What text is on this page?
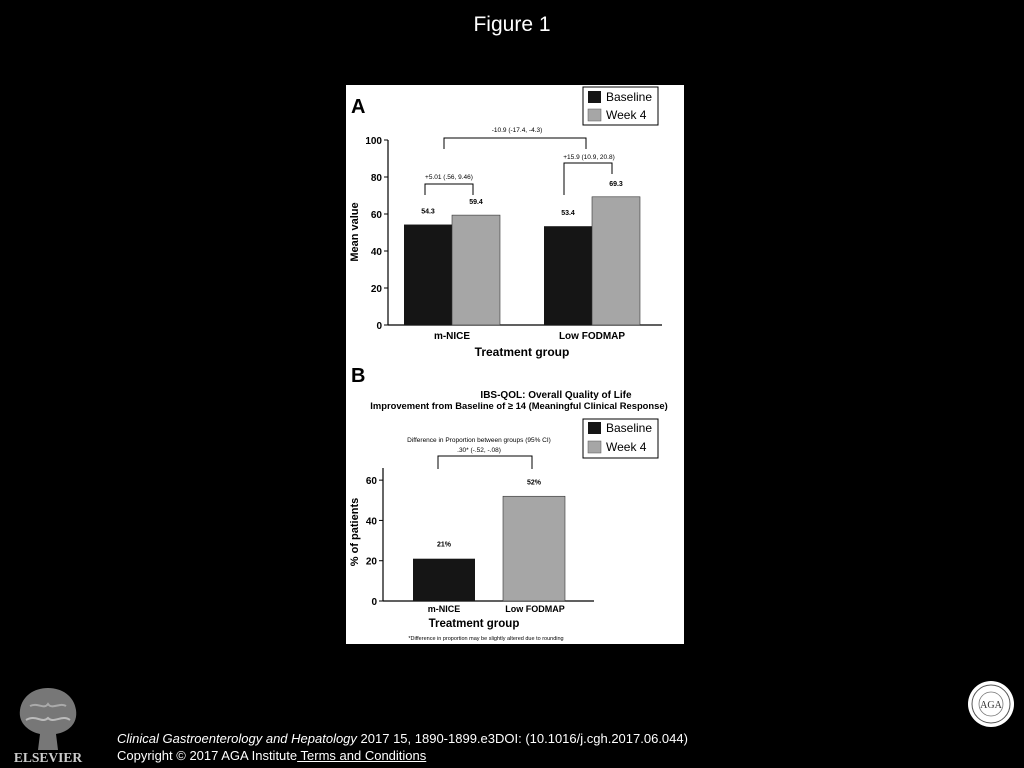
Figure 1
A	Baseline
Week 4
Mean value
0
20
40
60
80
100
54.3
59.4
53.4
69.3
m-NICE	Low FODMAP
Treatment group
-10.9 (-17.4, -4.3)
+5.01 (.56, 9.46)
+15.9 (10.9, 20.8)
B
IBS-QOL: Overall Quality of Life
Improvement from Baseline of ≥ 14 (Meaningful Clinical Response)
Baseline
Week 4
Difference in Proportion between groups (95% CI)
.30* (-.52, -.08)
% of patients
0
20
40
60
21%
52%
m-NICE	Low FODMAP
Treatment group
*Difference in proportion may be slightly altered due to rounding
ELSEVIER
AGA
Clinical Gastroenterology and Hepatology 2017 15, 1890-1899.e3DOI: (10.1016/j.cgh.2017.06.044)
Copyright © 2017 AGA Institute Terms and Conditions
